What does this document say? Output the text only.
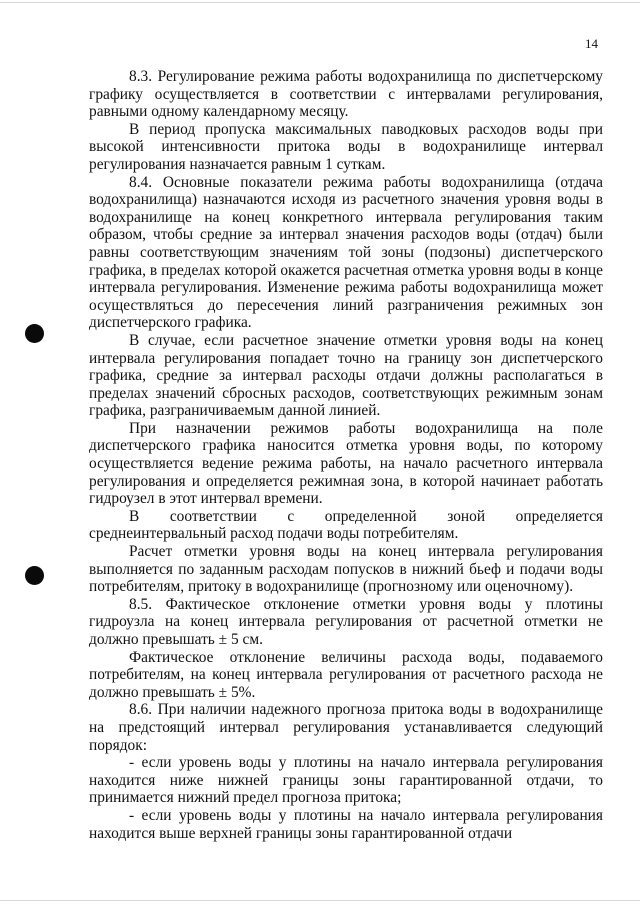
14

8.3. Регулирование режима работы водохранилища по диспетчерскому графику осуществляется в соответствии с интервалами регулирования, равными одному календарному месяцу.

В период пропуска максимальных паводковых расходов воды при высокой интенсивности притока воды в водохранилище интервал регулирования назначается равным 1 суткам.

8.4. Основные показатели режима работы водохранилища (отдача водохранилища) назначаются исходя из расчетного значения уровня воды в водохранилище на конец конкретного интервала регулирования таким образом, чтобы средние за интервал значения расходов воды (отдач) были равны соответствующим значениям той зоны (подзоны) диспетчерского графика, в пределах которой окажется расчетная отметка уровня воды в конце интервала регулирования. Изменение режима работы водохранилища может осуществляться до пересечения линий разграничения режимных зон диспетчерского графика.

В случае, если расчетное значение отметки уровня воды на конец интервала регулирования попадает точно на границу зон диспетчерского графика, средние за интервал расходы отдачи должны располагаться в пределах значений сбросных расходов, соответствующих режимным зонам графика, разграничиваемым данной линией.

При назначении режимов работы водохранилища на поле диспетчерского графика наносится отметка уровня воды, по которому осуществляется ведение режима работы, на начало расчетного интервала регулирования и определяется режимная зона, в которой начинает работать гидроузел в этот интервал времени.

В соответствии с определенной зоной определяется среднеинтервальный расход подачи воды потребителям.

Расчет отметки уровня воды на конец интервала регулирования выполняется по заданным расходам попусков в нижний бьеф и подачи воды потребителям, притоку в водохранилище (прогнозному или оценочному).

8.5. Фактическое отклонение отметки уровня воды у плотины гидроузла на конец интервала регулирования от расчетной отметки не должно превышать ± 5 см.

Фактическое отклонение величины расхода воды, подаваемого потребителям, на конец интервала регулирования от расчетного расхода не должно превышать ± 5%.

8.6. При наличии надежного прогноза притока воды в водохранилище на предстоящий интервал регулирования устанавливается следующий порядок:

- если уровень воды у плотины на начало интервала регулирования находится ниже нижней границы зоны гарантированной отдачи, то принимается нижний предел прогноза притока;

- если уровень воды у плотины на начало интервала регулирования находится выше верхней границы зоны гарантированной отдачи
